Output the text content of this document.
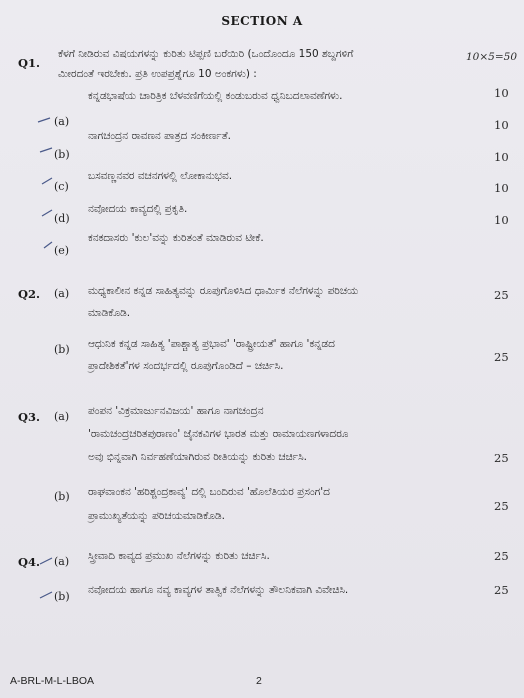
SECTION A
Q1.
ಕೆಳಗೆ ನೀಡಿರುವ ವಿಷಯಗಳನ್ನು ಕುರಿತು ಟಿಪ್ಪಣಿ ಬರೆಯಿರಿ (ಒಂದೊಂದೂ 150 ಶಬ್ದಗಳಿಗೆ	10×5=50
ಮೀರದಂತೆ ಇರಬೇಕು. ಪ್ರತಿ ಉಪಪ್ರಶ್ನೆಗೂ 10 ಅಂಕಗಳು) :
(a)
ಕನ್ನಡಭಾಷೆಯ ಚಾರಿತ್ರಿಕ ಬೆಳವಣಿಗೆಯಲ್ಲಿ ಕಂಡುಬರುವ ಧ್ವನಿಬದಲಾವಣೆಗಳು.	10
(b)
ನಾಗಚಂದ್ರನ ರಾವಣನ ಪಾತ್ರದ ಸಂಕೀರ್ಣತೆ.
10
(c)
ಬಸವಣ್ಣನವರ ವಚನಗಳಲ್ಲಿ ಲೋಕಾನುಭವ.
10
(d)
ನವೋದಯ ಕಾವ್ಯದಲ್ಲಿ ಪ್ರಕೃತಿ.
10
(e)
ಕನಕದಾಸರು 'ಕುಲ'ವನ್ನು ಕುರಿತಂತೆ ಮಾಡಿರುವ ಟೀಕೆ.
10
Q2. (a) ಮಧ್ಯಕಾಲೀನ ಕನ್ನಡ ಸಾಹಿತ್ಯವನ್ನು ರೂಪುಗೊಳಿಸಿದ ಧಾರ್ಮಿಕ ನೆಲೆಗಳನ್ನು ಪರಿಚಯ
ಮಾಡಿಕೊಡಿ.
25
(b) ಆಧುನಿಕ ಕನ್ನಡ ಸಾಹಿತ್ಯ 'ಪಾಶ್ಚಾತ್ಯ ಪ್ರಭಾವ' 'ರಾಷ್ಟ್ರೀಯತೆ' ಹಾಗೂ 'ಕನ್ನಡದ
ಪ್ರಾದೇಶಿಕತೆ'ಗಳ ಸಂದರ್ಭದಲ್ಲಿ ರೂಪುಗೊಂಡಿದೆ – ಚರ್ಚಿಸಿ.
25
Q3. (a) ಪಂಪನ 'ವಿಕ್ರಮಾರ್ಜುನವಿಜಯ' ಹಾಗೂ ನಾಗಚಂದ್ರನ
'ರಾಮಚಂದ್ರಚರಿತಪುರಾಣಂ' ಜೈನಕವಿಗಳ ಭಾರತ ಮತ್ತು ರಾಮಾಯಣಗಳಾದರೂ
ಅವು ಭಿನ್ನವಾಗಿ ನಿರ್ವಹಣೆಯಾಗಿರುವ ರೀತಿಯನ್ನು ಕುರಿತು ಚರ್ಚಿಸಿ.	25
(b) ರಾಘವಾಂಕನ 'ಹರಿಶ್ಚಂದ್ರಕಾವ್ಯ' ದಲ್ಲಿ ಬಂದಿರುವ 'ಹೊಲೆತಿಯರ ಪ್ರಸಂಗ'ದ
ಪ್ರಾಮುಖ್ಯತೆಯನ್ನು ಪರಿಚಯಮಾಡಿಕೊಡಿ.
25
Q4. (a) ಸ್ತ್ರೀವಾದಿ ಕಾವ್ಯದ ಪ್ರಮುಖ ನೆಲೆಗಳನ್ನು ಕುರಿತು ಚರ್ಚಿಸಿ.	25
(b) ನವೋದಯ ಹಾಗೂ ನವ್ಯ ಕಾವ್ಯಗಳ ತಾತ್ವಿಕ ನೆಲೆಗಳನ್ನು ತೌಲನಿಕವಾಗಿ ವಿವೇಚಿಸಿ.	25
A-BRL-M-L-LBOA	2
